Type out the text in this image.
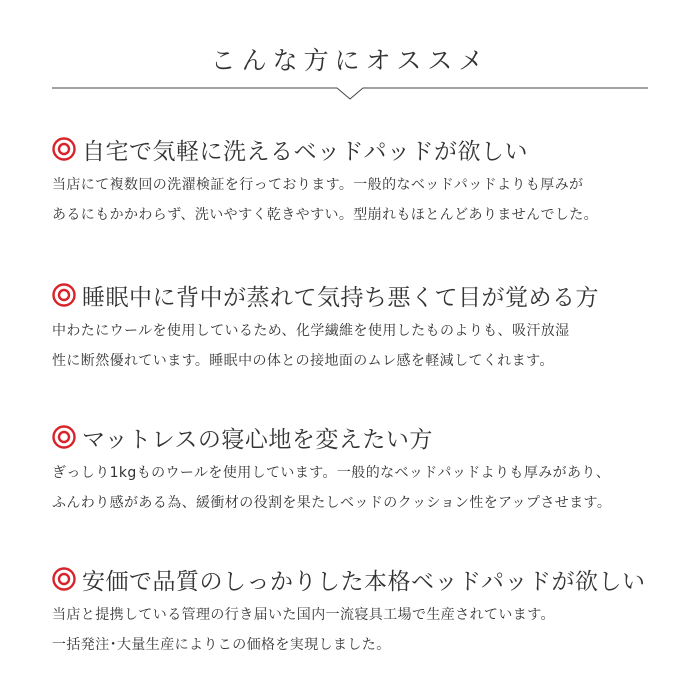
こんな方にオススメ
自宅で気軽に洗えるベッドパッドが欲しい
当店にて複数回の洗濯検証を行っております。一般的なベッドパッドよりも厚みが
あるにもかかわらず、洗いやすく乾きやすい。型崩れもほとんどありませんでした。
睡眠中に背中が蒸れて気持ち悪くて目が覚める方
中わたにウールを使用しているため、化学繊維を使用したものよりも、吸汗放湿
性に断然優れています。睡眠中の体との接地面のムレ感を軽減してくれます。
マットレスの寝心地を変えたい方
ぎっしり1kgものウールを使用しています。一般的なベッドパッドよりも厚みがあり、
ふんわり感がある為、緩衝材の役割を果たしベッドのクッション性をアップさせます。
安価で品質のしっかりした本格ベッドパッドが欲しい
当店と提携している管理の行き届いた国内一流寝具工場で生産されています。
一括発注･大量生産によりこの価格を実現しました。
